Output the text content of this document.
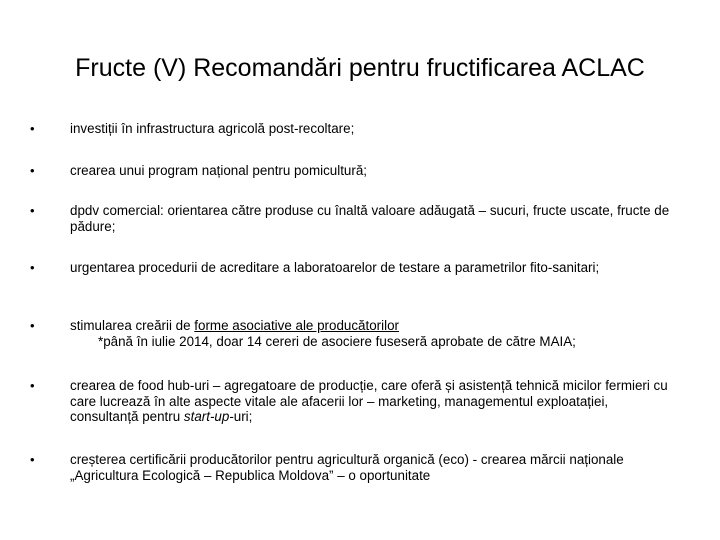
Fructe (V) Recomandări pentru fructificarea ACLAC
•	investiții în infrastructura agricolă post-recoltare;
•	crearea unui program național pentru pomicultură;
•	dpdv comercial: orientarea către produse cu înaltă valoare adăugată – sucuri, fructe uscate, fructe de pădure;
•	urgentarea procedurii de acreditare a laboratoarelor de testare a parametrilor fito-sanitari;
•	stimularea creării de forme asociative ale producătorilor
*până în iulie 2014, doar 14 cereri de asociere fuseseră aprobate de către MAIA;
•	crearea de food hub-uri – agregatoare de producție, care oferă și asistență tehnică micilor fermieri cu care lucrează în alte aspecte vitale ale afacerii lor – marketing, managementul exploatației, consultanță pentru start-up-uri;
•	creșterea certificării producătorilor pentru agricultură organică (eco) - crearea mărcii naționale „Agricultura Ecologică – Republica Moldova” – o oportunitate
